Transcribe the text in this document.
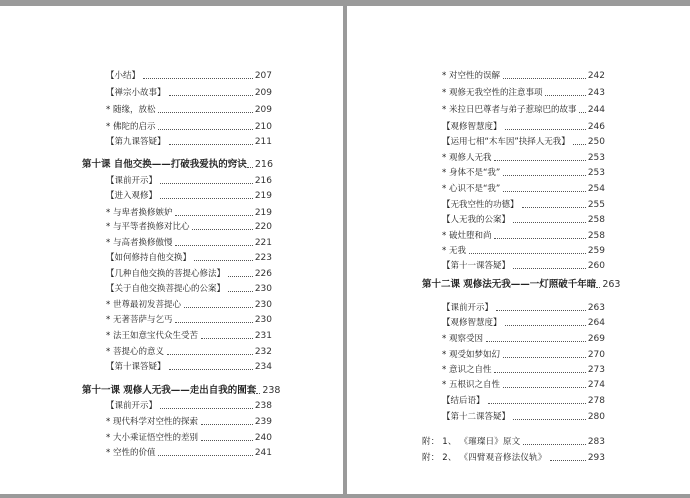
【小结】	207
【禅宗小故事】	209
* 随缘，放松	209
* 佛陀的启示	210
【第九课答疑】	211
第十课 自他交换——打破我爱执的窍诀 216
【课前开示】	216
【进入观修】	219
* 与卑者换修嫉妒	219
* 与平等者换修对比心	220
* 与高者换修傲慢	221
【如何修持自他交换】	223
【几种自他交换的菩提心修法】	226
【关于自他交换菩提心的公案】	230
* 世尊最初发菩提心	230
* 无著菩萨与乞丐	230
* 法王如意宝代众生受苦	231
* 菩提心的意义	232
【第十课答疑】	234
第十一课 观修人无我——走出自我的囿套 238
【课前开示】	238
* 现代科学对空性的探索	239
* 大小乘证悟空性的差别	240
* 空性的价值	241
* 对空性的误解	242
* 观修无我空性的注意事项	243
* 米拉日巴尊者与弟子惹琼巴的故事 244
【观修智慧度】	246
【运用七相“木车因”抉择人无我】 250
* 观修人无我	253
* 身体不是“我”	253
* 心识不是“我”	254
【无我空性的功德】	255
【人无我的公案】	258
* 破灶堕和尚	258
* 无我	259
【第十一课答疑】	260
第十二课 观修法无我——一灯照破千年暗 263
【课前开示】	263
【观修智慧度】	264
* 观察受因	269
* 观受如梦如幻	270
* 意识之自性	273
* 五根识之自性	274
【结后语】	278
【第十二课答疑】	280
附： 1、 《璀璨日》原文	283
附： 2、 《四臂观音修法仪轨》	293
